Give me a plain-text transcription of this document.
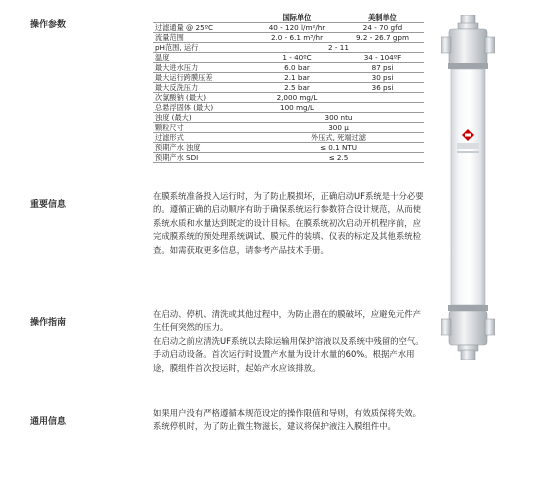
操作参数
重要信息
操作指南
通用信息
	国际单位	美制单位
过滤通量 @ 25ºC	40 - 120 l/m²/hr	24 - 70 gfd
流量范围	2.0 - 6.1 m³/hr	9.2 - 26.7 gpm
pH范围, 运行	2 - 11	
温度	1 - 40ºC	34 - 104ºF
最大进水压力	6.0 bar	87 psi
最大运行跨膜压差	2.1 bar	30 psi
最大反洗压力	2.5 bar	36 psi
次氯酸钠 (最大)	2,000 mg/L	
总悬浮固体 (最大)	100 mg/L	
浊度 (最大)	300 ntu	
颗粒尺寸	300 µ	
过滤形式	外压式, 死端过滤	
预期产水 浊度	≤ 0.1 NTU	
预期产水 SDI	≤ 2.5	

在膜系统准备投入运行时，为了防止膜损坏，正确启动UF系统是十分必要的。遵循正确的启动顺序有助于确保系统运行参数符合设计规范，从而使系统水质和水量达到既定的设计目标。在膜系统初次启动开机程序前，应完成膜系统的预处理系统调试、膜元件的装填、仪表的标定及其他系统检查。如需获取更多信息，请参考产品技术手册。

在启动、停机、清洗或其他过程中，为防止潜在的膜破坏，应避免元件产生任何突然的压力。

在启动之前应清洗UF系统以去除运输用保护溶液以及系统中残留的空气。手动启动设备。首次运行时设置产水量为设计水量的60%。根据产水用途，膜组件首次投运时，起始产水应该排放。

如果用户没有严格遵循本规范设定的操作限值和导则，有效质保将失效。

系统停机时，为了防止微生物滋长，建议将保护液注入膜组件中。
